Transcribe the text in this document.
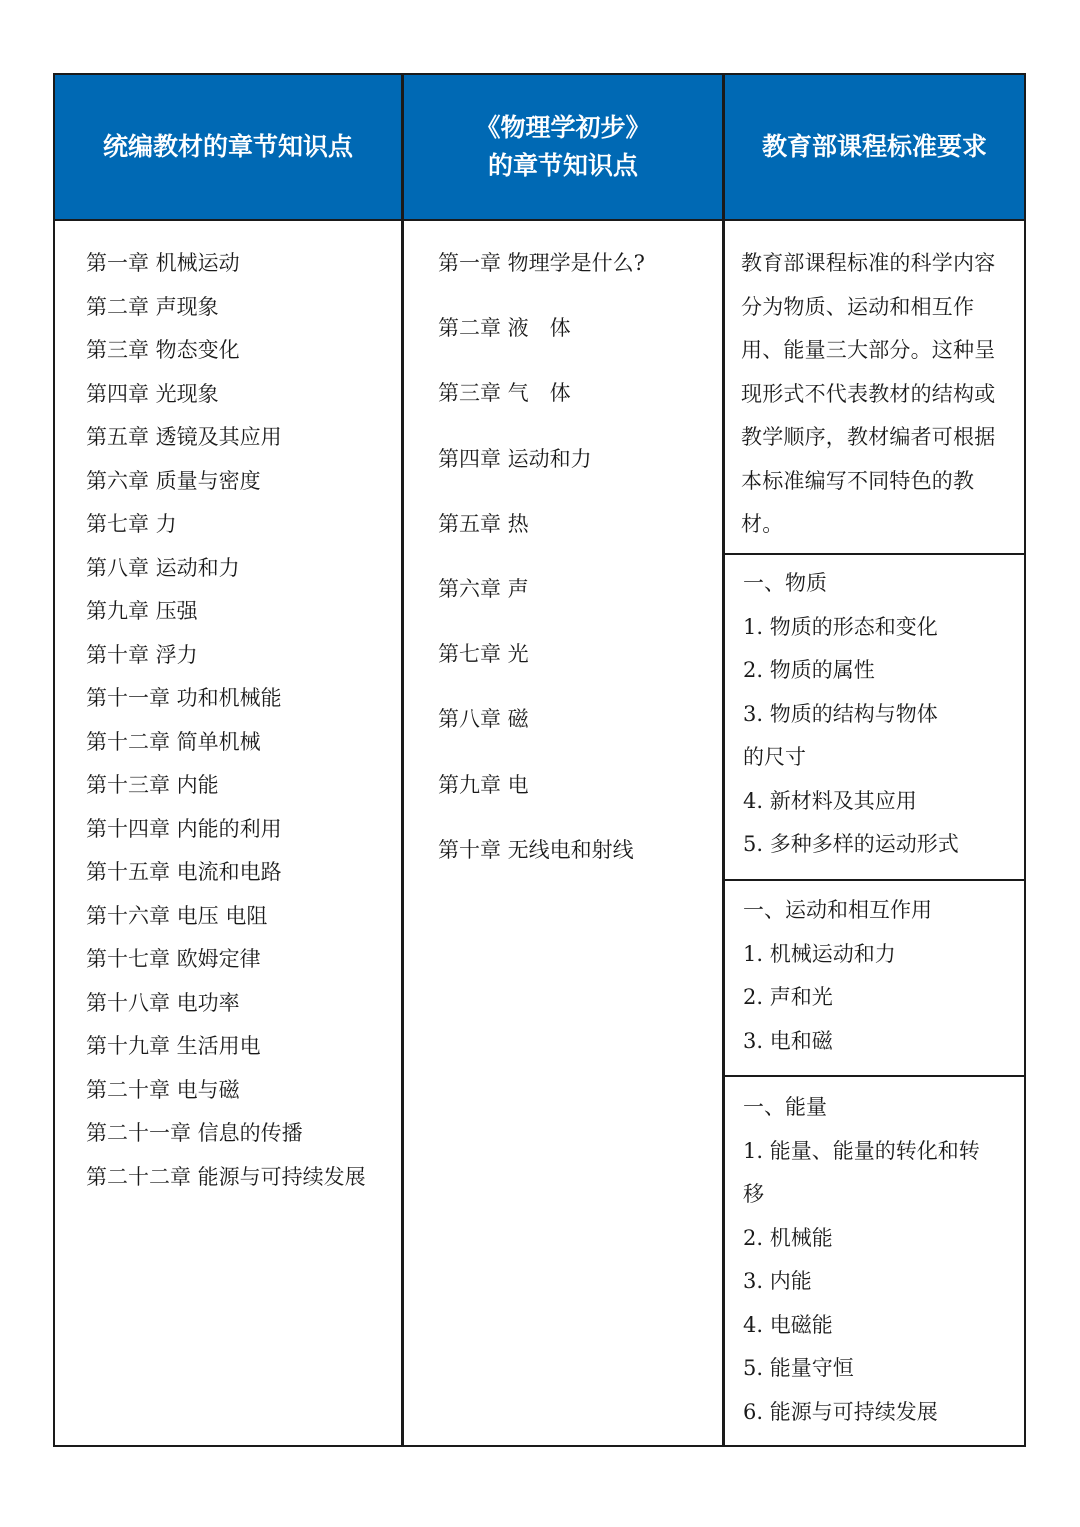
统编教材的章节知识点
第一章 机械运动
第二章 声现象
第三章 物态变化
第四章 光现象
第五章 透镜及其应用
第六章 质量与密度
第七章 力
第八章 运动和力
第九章 压强
第十章 浮力
第十一章 功和机械能
第十二章 简单机械
第十三章 内能
第十四章 内能的利用
第十五章 电流和电路
第十六章 电压 电阻
第十七章 欧姆定律
第十八章 电功率
第十九章 生活用电
第二十章 电与磁
第二十一章 信息的传播
第二十二章 能源与可持续发展
《物理学初步》
的章节知识点
第一章 物理学是什么?
第二章 液　体
第三章 气　体
第四章 运动和力
第五章 热
第六章 声
第七章 光
第八章 磁
第九章 电
第十章 无线电和射线
教育部课程标准要求
教育部课程标准的科学内容分为物质、运动和相互作用、能量三大部分。这种呈现形式不代表教材的结构或教学顺序，教材编者可根据本标准编写不同特色的教材。
一、物质
1. 物质的形态和变化
2. 物质的属性
3. 物质的结构与物体的尺寸
4. 新材料及其应用
5. 多种多样的运动形式
一、运动和相互作用
1. 机械运动和力
2. 声和光
3. 电和磁
一、能量
1. 能量、能量的转化和转移
2. 机械能
3. 内能
4. 电磁能
5. 能量守恒
6. 能源与可持续发展
